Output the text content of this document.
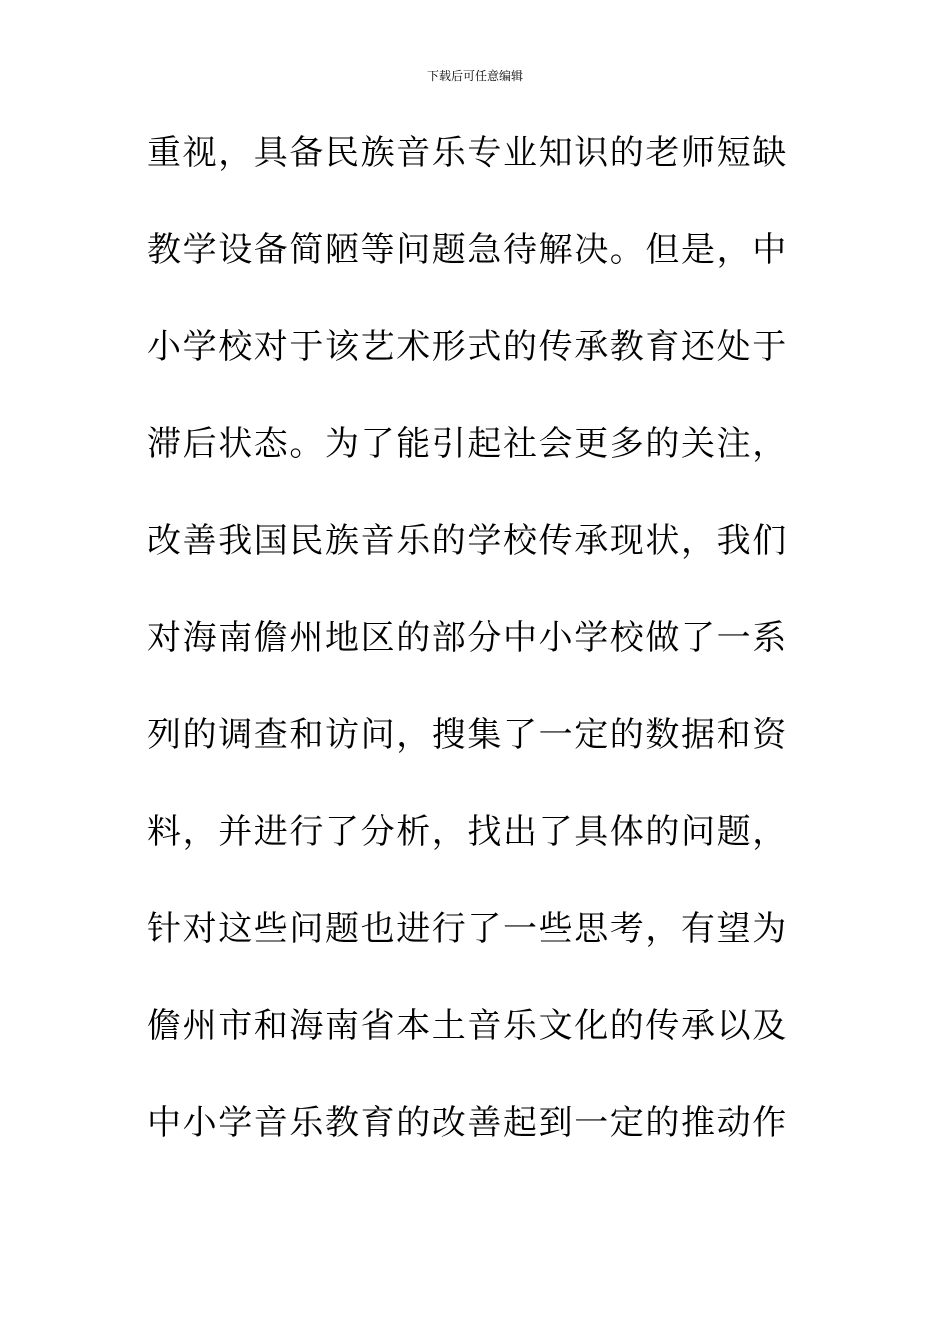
下载后可任意编辑
重视，具备民族音乐专业知识的老师短缺
教学设备简陋等问题急待解决。但是，中
小学校对于该艺术形式的传承教育还处于
滞后状态。为了能引起社会更多的关注，
改善我国民族音乐的学校传承现状，我们
对海南儋州地区的部分中小学校做了一系
列的调查和访问，搜集了一定的数据和资
料，并进行了分析，找出了具体的问题，
针对这些问题也进行了一些思考，有望为
儋州市和海南省本土音乐文化的传承以及
中小学音乐教育的改善起到一定的推动作
